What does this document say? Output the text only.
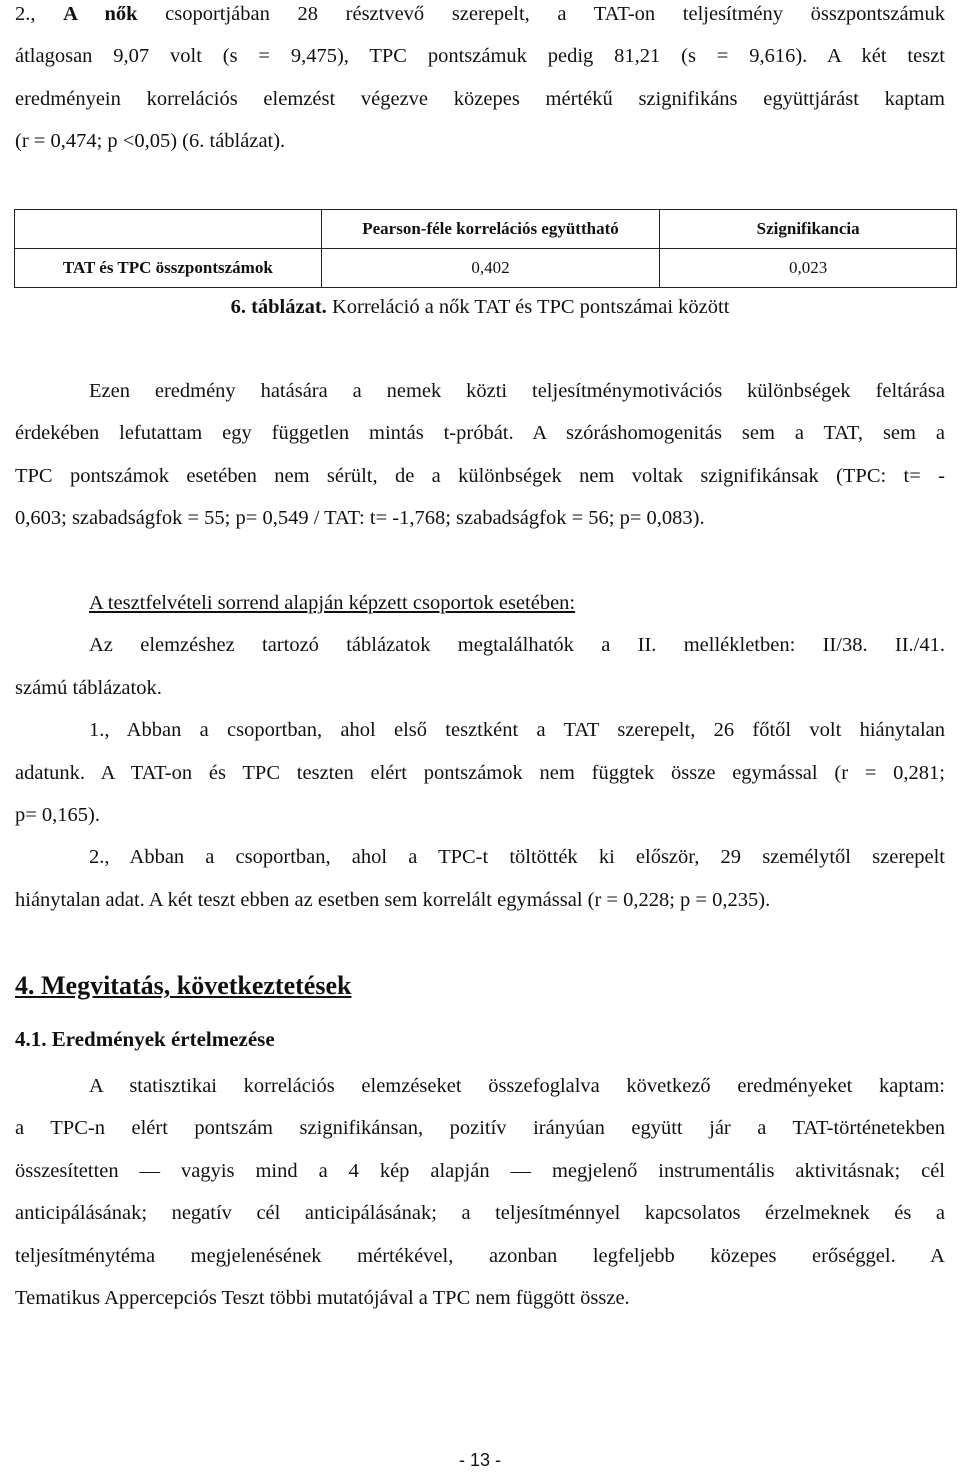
2., A nők csoportjában 28 résztvevő szerepelt, a TAT-on teljesítmény összpontszámuk
átlagosan 9,07 volt (s = 9,475), TPC pontszámuk pedig 81,21 (s = 9,616). A két teszt
eredményein korrelációs elemzést végezve közepes mértékű szignifikáns együttjárást kaptam
(r = 0,474; p <0,05) (6. táblázat).
	Pearson-féle korrelációs együttható	Szignifikancia
TAT és TPC összpontszámok	0,402	0,023
6. táblázat. Korreláció a nők TAT és TPC pontszámai között
Ezen eredmény hatására a nemek közti teljesítménymotivációs különbségek feltárása
érdekében lefutattam egy független mintás t-próbát. A szóráshomogenitás sem a TAT, sem a
TPC pontszámok esetében nem sérült, de a különbségek nem voltak szignifikánsak (TPC: t= -
0,603; szabadságfok = 55; p= 0,549 / TAT: t= -1,768; szabadságfok = 56; p= 0,083).
A tesztfelvételi sorrend alapján képzett csoportok esetében:
Az elemzéshez tartozó táblázatok megtalálhatók a II. mellékletben: II/38. II./41.
számú táblázatok.
1., Abban a csoportban, ahol első tesztként a TAT szerepelt, 26 főtől volt hiánytalan
adatunk. A TAT-on és TPC teszten elért pontszámok nem függtek össze egymással (r = 0,281;
p= 0,165).
2., Abban a csoportban, ahol a TPC-t töltötték ki először, 29 személytől szerepelt
hiánytalan adat. A két teszt ebben az esetben sem korrelált egymással (r = 0,228; p = 0,235).
4. Megvitatás, következtetések
4.1. Eredmények értelmezése
A statisztikai korrelációs elemzéseket összefoglalva következő eredményeket kaptam:
a TPC-n elért pontszám szignifikánsan, pozitív irányúan együtt jár a TAT-történetekben
összesítetten — vagyis mind a 4 kép alapján — megjelenő instrumentális aktivitásnak; cél
anticipálásának; negatív cél anticipálásának; a teljesítménnyel kapcsolatos érzelmeknek és a
teljesítménytéma megjelenésének mértékével, azonban legfeljebb közepes erőséggel. A
Tematikus Appercepciós Teszt többi mutatójával a TPC nem függött össze.
- 13 -
